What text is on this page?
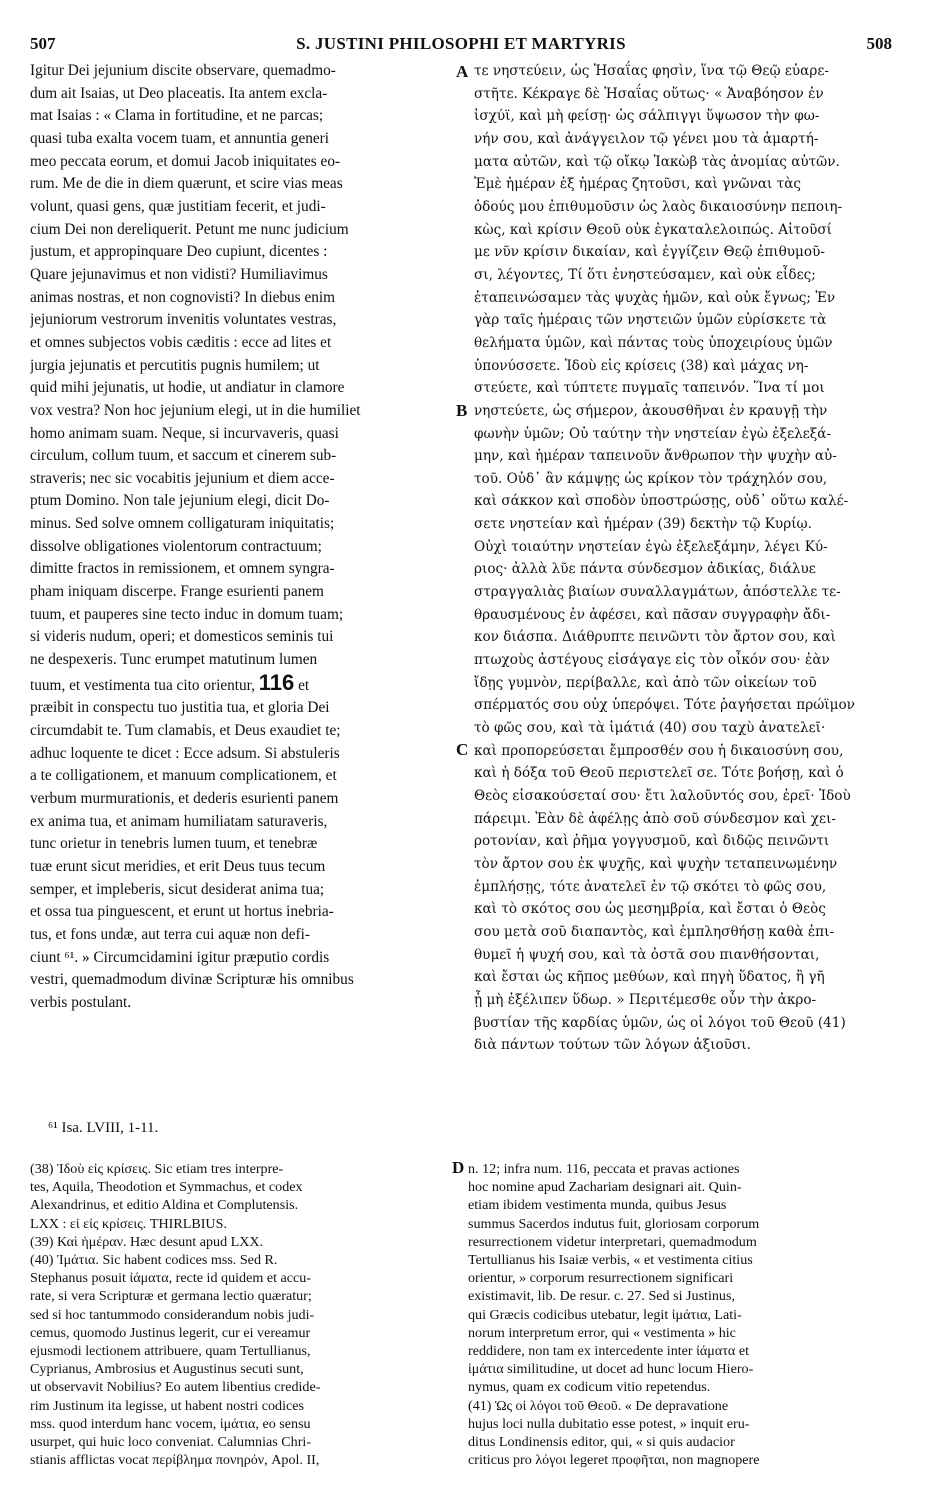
507	S. JUSTINI PHILOSOPHI ET MARTYRIS	508
Igitur Dei jejunium discite observare, quemadmo-
dum ait Isaias, ut Deo placeatis. Ita antem excla-
mat Isaias : « Clama in fortitudine, et ne parcas;
quasi tuba exalta vocem tuam, et annuntia generi
meo peccata eorum, et domui Jacob iniquitates eo-
rum. Me de die in diem quærunt, et scire vias meas
volunt, quasi gens, quæ justitiam fecerit, et judi-
cium Dei non dereliquerit. Petunt me nunc judicium
justum, et appropinquare Deo cupiunt, dicentes :
Quare jejunavimus et non vidisti? Humiliavimus
animas nostras, et non cognovisti? In diebus enim
jejuniorum vestrorum invenitis voluntates vestras,
et omnes subjectos vobis cæditis : ecce ad lites et
jurgia jejunatis et percutitis pugnis humilem; ut
quid mihi jejunatis, ut hodie, ut andiatur in clamore
vox vestra? Non hoc jejunium elegi, ut in die humiliet
homo animam suam. Neque, si incurvaveris, quasi
circulum, collum tuum, et saccum et cinerem sub-
straveris; nec sic vocabitis jejunium et diem acce-
ptum Domino. Non tale jejunium elegi, dicit Do-
minus. Sed solve omnem colligaturam iniquitatis;
dissolve obligationes violentorum contractuum;
dimitte fractos in remissionem, et omnem syngra-
pham iniquam discerpe. Frange esurienti panem
tuum, et pauperes sine tecto induc in domum tuam;
si videris nudum, operi; et domesticos seminis tui
ne despexeris. Tunc erumpet matutinum lumen
tuum, et vestimenta tua cito orientur, 116 et
præibit in conspectu tuo justitia tua, et gloria Dei
circumdabit te. Tum clamabis, et Deus exaudiet te;
adhuc loquente te dicet : Ecce adsum. Si abstuleris
a te colligationem, et manuum complicationem, et
verbum murmurationis, et dederis esurienti panem
ex anima tua, et animam humiliatam saturaveris,
tunc orietur in tenebris lumen tuum, et tenebræ
tuæ erunt sicut meridies, et erit Deus tuus tecum
semper, et impleberis, sicut desiderat anima tua;
et ossa tua pinguescent, et erunt ut hortus inebria-
tus, et fons undæ, aut terra cui aquæ non defi-
ciunt ⁶¹. » Circumcidamini igitur præputio cordis
vestri, quemadmodum divinæ Scripturæ his omnibus
verbis postulant.
A
B
C
D
τε νηστεύειν, ὡς Ἡσαΐας φησὶν, ἵνα τῷ Θεῷ εὐαρε-
στῆτε. Κέκραγε δὲ Ἡσαΐας οὕτως· « Ἀναβόησον ἐν
ἰσχύϊ, καὶ μὴ φείσῃ· ὡς σάλπιγγι ὕψωσον τὴν φω-
νήν σου, καὶ ἀνάγγειλον τῷ γένει μου τὰ ἁμαρτή-
ματα αὐτῶν, καὶ τῷ οἴκῳ Ἰακὼβ τὰς ἀνομίας αὐτῶν.
Ἐμὲ ἡμέραν ἐξ ἡμέρας ζητοῦσι, καὶ γνῶναι τὰς
ὁδούς μου ἐπιθυμοῦσιν ὡς λαὸς δικαιοσύνην πεποιη-
κὼς, καὶ κρίσιν Θεοῦ οὐκ ἐγκαταλελοιπώς. Αἰτοῦσί
με νῦν κρίσιν δικαίαν, καὶ ἐγγίζειν Θεῷ ἐπιθυμοῦ-
σι, λέγοντες, Τί ὅτι ἐνηστεύσαμεν, καὶ οὐκ εἶδες;
ἐταπεινώσαμεν τὰς ψυχὰς ἡμῶν, καὶ οὐκ ἔγνως; Ἐν
γὰρ ταῖς ἡμέραις τῶν νηστειῶν ὑμῶν εὑρίσκετε τὰ
θελήματα ὑμῶν, καὶ πάντας τοὺς ὑποχειρίους ὑμῶν
ὑπονύσσετε. Ἰδοὺ εἰς κρίσεις (38) καὶ μάχας νη-
στεύετε, καὶ τύπτετε πυγμαῖς ταπεινόν. Ἵνα τί μοι
νηστεύετε, ὡς σήμερον, ἀκουσθῆναι ἐν κραυγῇ τὴν
φωνὴν ὑμῶν; Οὐ ταύτην τὴν νηστείαν ἐγὼ ἐξελεξά-
μην, καὶ ἡμέραν ταπεινοῦν ἄνθρωπον τὴν ψυχὴν αὐ-
τοῦ. Οὐδ᾽ ἂν κάμψῃς ὡς κρίκον τὸν τράχηλόν σου,
καὶ σάκκον καὶ σποδὸν ὑποστρώσῃς, οὐδ᾽ οὕτω καλέ-
σετε νηστείαν καὶ ἡμέραν (39) δεκτὴν τῷ Κυρίῳ.
Οὐχὶ τοιαύτην νηστείαν ἐγὼ ἐξελεξάμην, λέγει Κύ-
ριος· ἀλλὰ λῦε πάντα σύνδεσμον ἀδικίας, διάλυε
στραγγαλιὰς βιαίων συναλλαγμάτων, ἀπόστελλε τε-
θραυσμένους ἐν ἀφέσει, καὶ πᾶσαν συγγραφὴν ἄδι-
κον διάσπα. Διάθρυπτε πεινῶντι τὸν ἄρτον σου, καὶ
πτωχοὺς ἀστέγους εἰσάγαγε εἰς τὸν οἶκόν σου· ἐὰν
ἴδῃς γυμνὸν, περίβαλλε, καὶ ἀπὸ τῶν οἰκείων τοῦ
σπέρματός σου οὐχ ὑπερόψει. Τότε ῥαγήσεται πρώϊμον
τὸ φῶς σου, καὶ τὰ ἱμάτιά (40) σου ταχὺ ἀνατελεῖ·
καὶ προπορεύσεται ἔμπροσθέν σου ἡ δικαιοσύνη σου,
καὶ ἡ δόξα τοῦ Θεοῦ περιστελεῖ σε. Τότε βοήσῃ, καὶ ὁ
Θεὸς εἰσακούσεταί σου· ἔτι λαλοῦντός σου, ἐρεῖ· Ἰδοὺ
πάρειμι. Ἐὰν δὲ ἀφέλῃς ἀπὸ σοῦ σύνδεσμον καὶ χει-
ροτονίαν, καὶ ῥῆμα γογγυσμοῦ, καὶ διδῷς πεινῶντι
τὸν ἄρτον σου ἐκ ψυχῆς, καὶ ψυχὴν τεταπεινωμένην
ἐμπλήσῃς, τότε ἀνατελεῖ ἐν τῷ σκότει τὸ φῶς σου,
καὶ τὸ σκότος σου ὡς μεσημβρία, καὶ ἔσται ὁ Θεὸς
σου μετὰ σοῦ διαπαντὸς, καὶ ἐμπλησθήσῃ καθὰ ἐπι-
θυμεῖ ἡ ψυχή σου, καὶ τὰ ὀστᾶ σου πιανθήσονται,
καὶ ἔσται ὡς κῆπος μεθύων, καὶ πηγὴ ὕδατος, ἢ γῆ
ᾗ μὴ ἐξέλιπεν ὕδωρ. » Περιτέμεσθε οὖν τὴν ἀκρο-
βυστίαν τῆς καρδίας ὑμῶν, ὡς οἱ λόγοι τοῦ Θεοῦ (41)
διὰ πάντων τούτων τῶν λόγων ἀξιοῦσι.
⁶¹ Isa. LVIII, 1-11.
(38) Ἰδοὺ εἰς κρίσεις. Sic etiam tres interpre-
tes, Aquila, Theodotion et Symmachus, et codex
Alexandrinus, et editio Aldina et Complutensis.
LXX : εἰ εἰς κρίσεις. THIRLBIUS.
(39) Καὶ ἡμέραν. Hæc desunt apud LXX.
(40) Ἱμάτια. Sic habent codices mss. Sed R.
Stephanus posuit ἰάματα, recte id quidem et accu-
rate, si vera Scripturæ et germana lectio quæratur;
sed si hoc tantummodo considerandum nobis judi-
cemus, quomodo Justinus legerit, cur ei vereamur
ejusmodi lectionem attribuere, quam Tertullianus,
Cyprianus, Ambrosius et Augustinus secuti sunt,
ut observavit Nobilius? Eo autem libentius credide-
rim Justinum ita legisse, ut habent nostri codices
mss. quod interdum hanc vocem, ἱμάτια, eo sensu
usurpet, qui huic loco conveniat. Calumnias Chri-
stianis afflictas vocat περίβλημα πονηρόν, Apol. II,
n. 12; infra num. 116, peccata et pravas actiones
hoc nomine apud Zachariam designari ait. Quin-
etiam ibidem vestimenta munda, quibus Jesus
summus Sacerdos indutus fuit, gloriosam corporum
resurrectionem videtur interpretari, quemadmodum
Tertullianus his Isaiæ verbis, « et vestimenta citius
orientur, » corporum resurrectionem significari
existimavit, lib. De resur. c. 27. Sed si Justinus,
qui Græcis codicibus utebatur, legit ἱμάτια, Lati-
norum interpretum error, qui « vestimenta » hic
reddidere, non tam ex intercedente inter ἰάματα et
ἱμάτια similitudine, ut docet ad hunc locum Hiero-
nymus, quam ex codicum vitio repetendus.
(41) Ὡς οἱ λόγοι τοῦ Θεοῦ. « De depravatione
hujus loci nulla dubitatio esse potest, » inquit eru-
ditus Londinensis editor, qui, « si quis audacior
criticus pro λόγοι legeret προφῆται, non magnopere
